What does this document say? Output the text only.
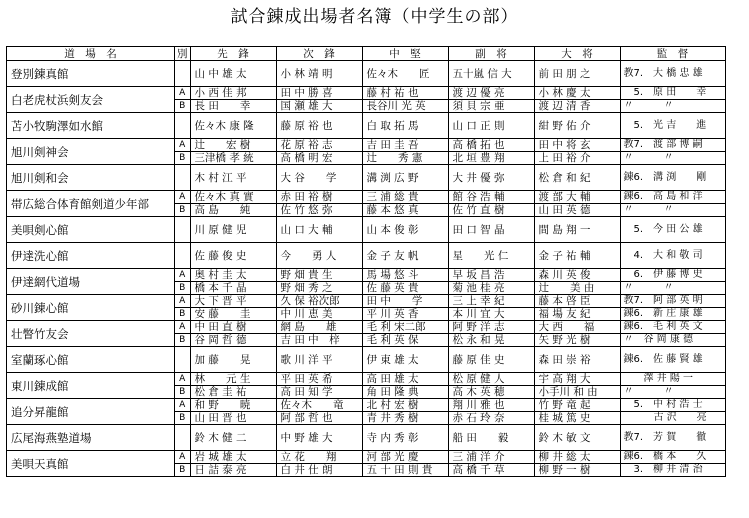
試合錬成出場者名簿（中学生の部）
道　場　名	別	先　鋒	次　鋒	中　堅	副　将	大　将	監　督
登別錬真館		山 中 雄 太	小 林 靖 明	佐々木　　匠	五十嵐 信 大	前 田 朋 之	教7.　大 橋 忠 雄
白老虎杖浜剣友会	A	小 西 佳 邦	田 中 勝 喜	藤 村 祐 也	渡 辺 優 亮	小 林 慶 太	　5.　原 田　　幸
	B	長 田　　幸	国 瀬 雄 大	長谷川 光 英	須 貝 宗 亜	渡 辺 清 香	〃　　　〃
苫小牧駒澤如水館		佐々木 康 隆	藤 原 裕 也	白 取 拓 馬	山 口 正 則	紺 野 佑 介	　5.　光 吉　　進
旭川剣神会	A	辻　　宏 樹	花 原 裕 志	吉 田 圭 吾	高 橋 拓 也	田 中 将 玄	教7.　渡 部 博 嗣
	B	三津橋 孝 統	高 橋 明 宏	辻　　秀 憲	北 垣 豊 翔	上 田 裕 介	〃　　　〃
旭川剣和会		木 村 江 平	大 谷　　学	溝 渕 広 野	大 井 優 弥	松 倉 和 紀	錬6.　溝 渕　　剛
帯広総合体育館剣道少年部	A	佐々木 真 實	赤 田 裕 樹	三 浦 総 貴	館 谷 浩 輔	渡 部 大 輔	錬6.　高 島 和 洋
	B	高 島　　純	佐 竹 悠 弥	藤 本 悠 真	佐 竹 直 樹	山 田 英 德	〃　　　〃
美唄剣心館		川 原 健 児	山 口 大 輔	山 本 俊 彰	田 口 智 晶	間 島 翔 一	　5.　今 田 公 雄
伊達洗心館		佐 藤 俊 史	今　　勇 人	金 子 友 帆	星　　光 仁	金 子 祐 輔	　4.　大 和 敬 司
伊達網代道場	A	奥 村 圭 太	野 畑 貴 生	馬 場 悠 斗	早 坂 昌 浩	森 川 英 俊	　6.　伊 藤 博 史
	B	橋 本 千 晶	野 畑 秀 之	佐 藤 英 貴	菊 池 桂 亮	辻　　美 由	〃　　　〃
砂川錬心館	A	大 下 晋 平	久 保 裕次郎	田 中　　学	三 上 幸 紀	藤 本 啓 臣	教7.　阿 部 英 明
	B	安 藤　　圭	中 川 恵 美	平 川 英 香	本 川 宜 大	福 場 友 紀	錬6.　新 庄 康 雄
壮瞥竹友会	A	中 田 直 樹	網 島　　雄	毛 利 宋二郎	阿 野 洋 志	大 西　　福	錬6.　毛 利 英 文
	B	谷 岡 哲 德	吉 田 中　梓	毛 利 英 保	松 永 和 晃	矢 野 光 樹	〃　谷 岡 康 德
室蘭琢心館		加 藤　　晃	歌 川 洋 平	伊 東 雄 太	藤 原 佳 史	森 田 崇 裕	錬6.　佐 藤 賢 雄
東川錬成館	A	林　　元 生	平 田 英 希	高 田 雄 太	松 原 健 人	宇 高 翔 大	　　澤 井 陽 一
	B	松 倉 圭 祐	高 田 知 学	角 田 隆 典	高 木 英 穂	小手川 和 由	〃　　　〃
追分昇龍館	A	和 野　　暁	佐々木　　竜	北 村 宏 樹	翔 川 雅 也	竹 野 竜 起	　5.　中 村 浩 士
	B	山 田 晋 也	阿 部 哲 也	青 井 秀 樹	赤 石 玲 奈	桂 城 篤 史	　　　古 沢　　亮
広尾海燕塾道場		鈴 木 健 二	中 野 雄 大	寺 内 秀 彰	船 田　　毅	鈴 木 敏 文	教7.　芳 賀　　徹
美唄天真館	A	岩 城 雄 太	立 花　　翔	河 部 光 慶	三 浦 洋 介	柳 井 総 太	錬6.　橋 本　　久
	B	日 詰 泰 亮	白 井 仕 朗	五 十 田 則 貴	高 橋 千 草	柳 野 一 樹	　3.　柳 井 清 治
